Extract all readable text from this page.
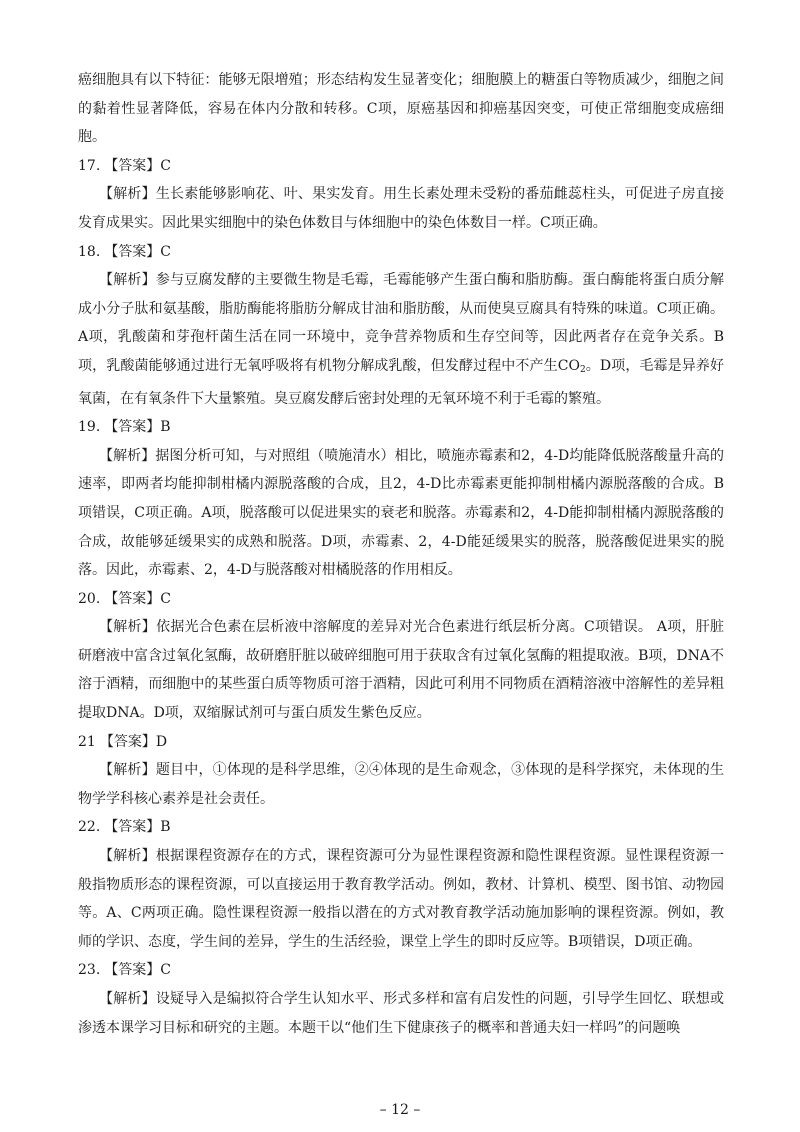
癌细胞具有以下特征：能够无限增殖；形态结构发生显著变化；细胞膜上的糖蛋白等物质减少，细胞之间的黏着性显著降低，容易在体内分散和转移。C项，原癌基因和抑癌基因突变，可使正常细胞变成癌细胞。

17. 【答案】C

【解析】生长素能够影响花、叶、果实发育。用生长素处理未受粉的番茄雌蕊柱头，可促进子房直接发育成果实。因此果实细胞中的染色体数目与体细胞中的染色体数目一样。C项正确。

18. 【答案】C

【解析】参与豆腐发酵的主要微生物是毛霉，毛霉能够产生蛋白酶和脂肪酶。蛋白酶能将蛋白质分解成小分子肽和氨基酸，脂肪酶能将脂肪分解成甘油和脂肪酸，从而使臭豆腐具有特殊的味道。C项正确。A项，乳酸菌和芽孢杆菌生活在同一环境中，竞争营养物质和生存空间等，因此两者存在竞争关系。B项，乳酸菌能够通过进行无氧呼吸将有机物分解成乳酸，但发酵过程中不产生$CO_2$。D项，毛霉是异养好氧菌，在有氧条件下大量繁殖。臭豆腐发酵后密封处理的无氧环境不利于毛霉的繁殖。

19. 【答案】B

【解析】据图分析可知，与对照组（喷施清水）相比，喷施赤霉素和2，4-D均能降低脱落酸量升高的速率，即两者均能抑制柑橘内源脱落酸的合成，且2，4-D比赤霉素更能抑制柑橘内源脱落酸的合成。B项错误，C项正确。A项，脱落酸可以促进果实的衰老和脱落。赤霉素和2，4-D能抑制柑橘内源脱落酸的合成，故能够延缓果实的成熟和脱落。D项，赤霉素、2，4-D能延缓果实的脱落，脱落酸促进果实的脱落。因此，赤霉素、2，4-D与脱落酸对柑橘脱落的作用相反。

20. 【答案】C

【解析】依据光合色素在层析液中溶解度的差异对光合色素进行纸层析分离。C项错误。 A项，肝脏研磨液中富含过氧化氢酶，故研磨肝脏以破碎细胞可用于获取含有过氧化氢酶的粗提取液。B项，DNA不溶于酒精，而细胞中的某些蛋白质等物质可溶于酒精，因此可利用不同物质在酒精溶液中溶解性的差异粗提取DNA。D项，双缩脲试剂可与蛋白质发生紫色反应。

21 【答案】D

【解析】题目中，①体现的是科学思维，②④体现的是生命观念，③体现的是科学探究，未体现的生物学学科核心素养是社会责任。

22. 【答案】B

【解析】根据课程资源存在的方式，课程资源可分为显性课程资源和隐性课程资源。显性课程资源一般指物质形态的课程资源，可以直接运用于教育教学活动。例如，教材、计算机、模型、图书馆、动物园等。A、C两项正确。隐性课程资源一般指以潜在的方式对教育教学活动施加影响的课程资源。例如，教师的学识、态度，学生间的差异，学生的生活经验，课堂上学生的即时反应等。B项错误，D项正确。

23. 【答案】C

【解析】设疑导入是编拟符合学生认知水平、形式多样和富有启发性的问题，引导学生回忆、联想或渗透本课学习目标和研究的主题。本题干以“他们生下健康孩子的概率和普通夫妇一样吗”的问题唤

– 12 –
